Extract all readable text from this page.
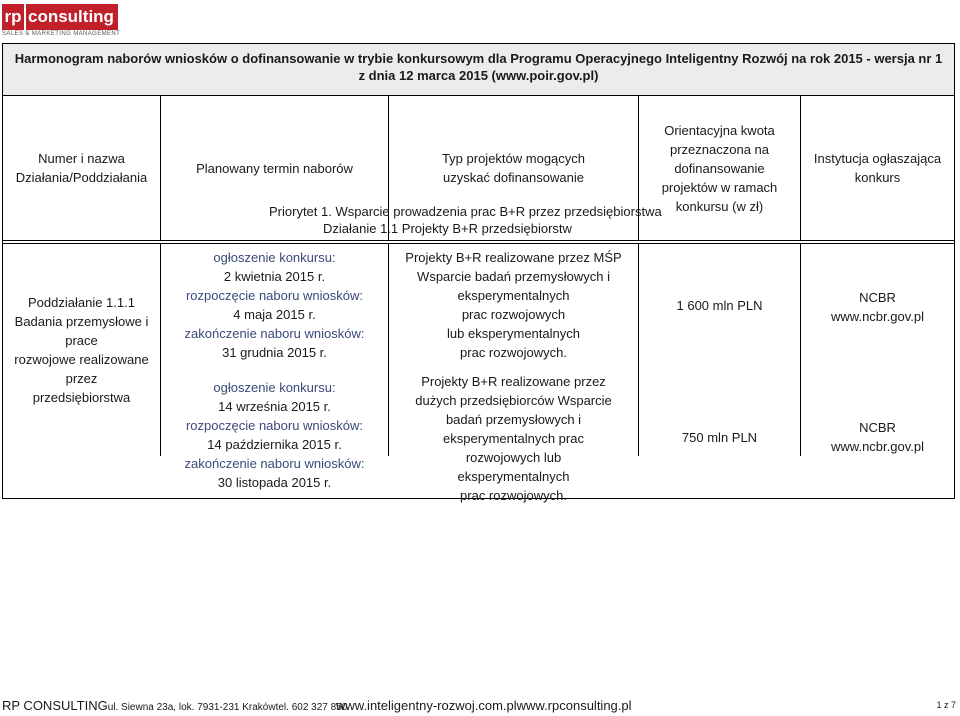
rp consulting
SALES & MARKETING MANAGEMENT
Harmonogram naborów wniosków o dofinansowanie w trybie konkursowym dla Programu Operacyjnego Inteligentny Rozwój na rok 2015 - wersja nr 1 z dnia 12 marca 2015 (www.poir.gov.pl)
Numer i nazwa Działania/Poddziałania
Planowany termin naborów
Typ projektów mogących uzyskać dofinansowanie
Orientacyjna kwota przeznaczona na dofinansowanie projektów w ramach konkursu (w zł)
Instytucja ogłaszająca konkurs
Priorytet 1. Wsparcie prowadzenia prac B+R przez przedsiębiorstwa
Działanie 1.1 Projekty B+R przedsiębiorstw
Poddziałanie 1.1.1
Badania przemysłowe i
prace
rozwojowe realizowane
przez
przedsiębiorstwa
ogłoszenie konkursu:
2 kwietnia 2015 r.
rozpoczęcie naboru wniosków:
4 maja 2015 r.
zakończenie naboru wniosków:
31 grudnia 2015 r.
ogłoszenie konkursu:
14 września 2015 r.
rozpoczęcie naboru wniosków:
14 października 2015 r.
zakończenie naboru wniosków:
30 listopada 2015 r.
Projekty B+R realizowane przez MŚP
Wsparcie badań przemysłowych i
eksperymentalnych
prac rozwojowych
lub eksperymentalnych
prac rozwojowych.
Projekty B+R realizowane przez
dużych przedsiębiorców Wsparcie
badań przemysłowych i
eksperymentalnych prac
rozwojowych lub
eksperymentalnych
prac rozwojowych.
1 600 mln PLN
750 mln PLN
NCBR
www.ncbr.gov.pl
NCBR
www.ncbr.gov.pl
RP CONSULTINGul. Siewna 23a, lok. 7931-231 Krakówtel. 602 327 850
www.inteligentny-rozwoj.com.plwww.rpconsulting.pl	1 z 7
